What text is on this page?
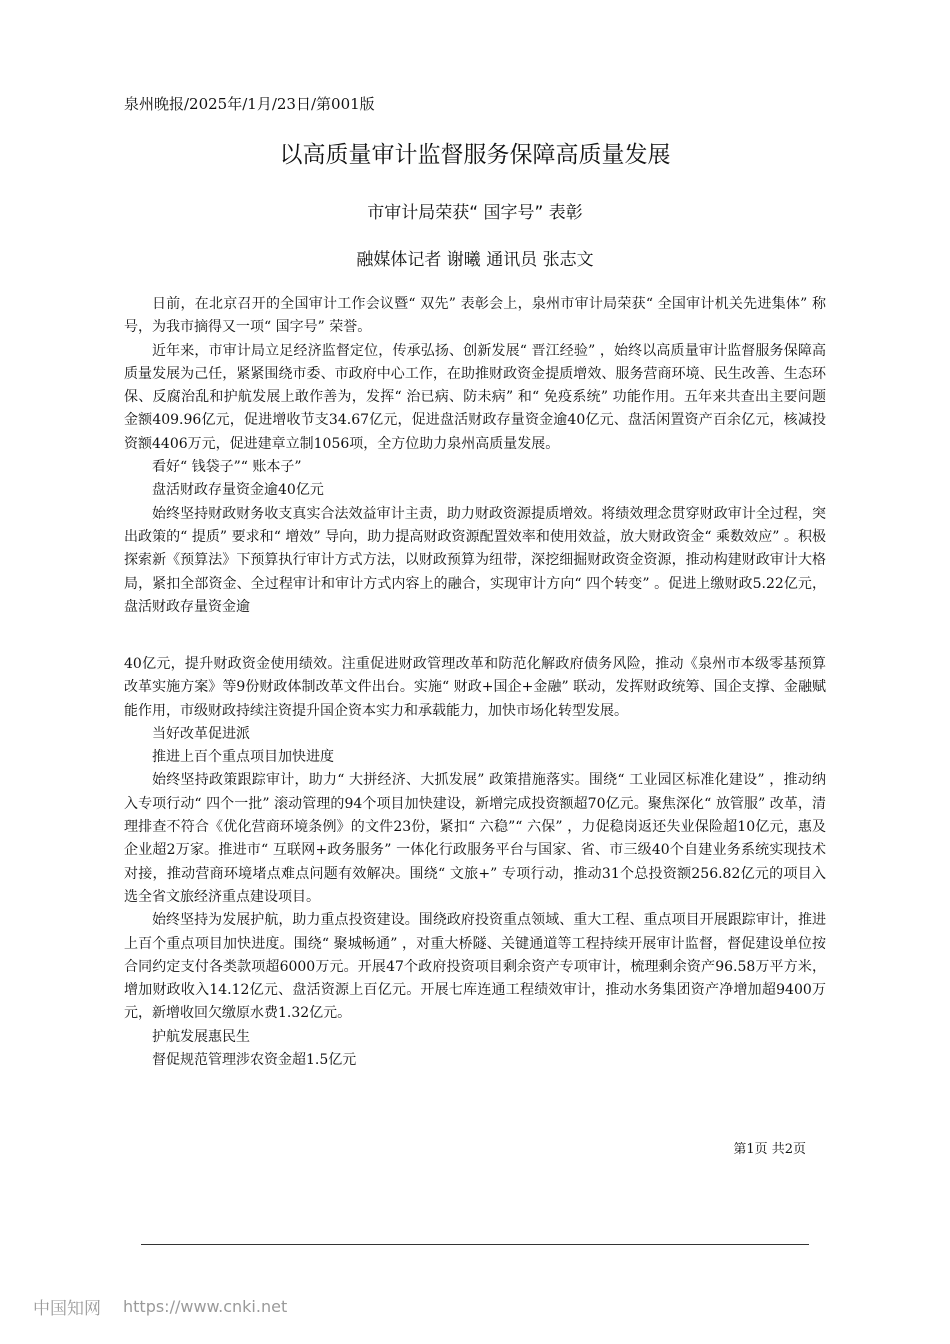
泉州晚报/2025年/1月/23日/第001版
以高质量审计监督服务保障高质量发展
市审计局荣获“ 国字号” 表彰
融媒体记者 谢曦 通讯员 张志文

日前，在北京召开的全国审计工作会议暨“ 双先” 表彰会上，泉州市审计局荣获“ 全国审计机关先进集体” 称号，为我市摘得又一项“ 国字号” 荣誉。

近年来，市审计局立足经济监督定位，传承弘扬、创新发展“ 晋江经验” ，始终以高质量审计监督服务保障高质量发展为己任，紧紧围绕市委、市政府中心工作，在助推财政资金提质增效、服务营商环境、民生改善、生态环保、反腐治乱和护航发展上敢作善为，发挥“ 治已病、防未病” 和“ 免疫系统” 功能作用。五年来共查出主要问题金额409.96亿元，促进增收节支34.67亿元，促进盘活财政存量资金逾40亿元、盘活闲置资产百余亿元，核减投资额4406万元，促进建章立制1056项，全方位助力泉州高质量发展。

看好“ 钱袋子”“ 账本子”

盘活财政存量资金逾40亿元

始终坚持财政财务收支真实合法效益审计主责，助力财政资源提质增效。将绩效理念贯穿财政审计全过程，突出政策的“ 提质” 要求和“ 增效” 导向，助力提高财政资源配置效率和使用效益，放大财政资金“ 乘数效应” 。积极探索新《预算法》下预算执行审计方式方法，以财政预算为纽带，深挖细掘财政资金资源，推动构建财政审计大格局，紧扣全部资金、全过程审计和审计方式内容上的融合，实现审计方向“ 四个转变” 。促进上缴财政5.22亿元，盘活财政存量资金逾

40亿元，提升财政资金使用绩效。注重促进财政管理改革和防范化解政府债务风险，推动《泉州市本级零基预算改革实施方案》等9份财政体制改革文件出台。实施“ 财政+国企+金融” 联动，发挥财政统筹、国企支撑、金融赋能作用，市级财政持续注资提升国企资本实力和承载能力，加快市场化转型发展。

当好改革促进派

推进上百个重点项目加快进度

始终坚持政策跟踪审计，助力“ 大拼经济、大抓发展” 政策措施落实。围绕“ 工业园区标准化建设” ，推动纳入专项行动“ 四个一批” 滚动管理的94个项目加快建设，新增完成投资额超70亿元。聚焦深化“ 放管服” 改革，清理排查不符合《优化营商环境条例》的文件23份，紧扣“ 六稳”“ 六保” ，力促稳岗返还失业保险超10亿元，惠及企业超2万家。推进市“ 互联网+政务服务” 一体化行政服务平台与国家、省、市三级40个自建业务系统实现技术对接，推动营商环境堵点难点问题有效解决。围绕“ 文旅+” 专项行动，推动31个总投资额256.82亿元的项目入选全省文旅经济重点建设项目。

始终坚持为发展护航，助力重点投资建设。围绕政府投资重点领域、重大工程、重点项目开展跟踪审计，推进上百个重点项目加快进度。围绕“ 聚城畅通” ，对重大桥隧、关键通道等工程持续开展审计监督，督促建设单位按合同约定支付各类款项超6000万元。开展47个政府投资项目剩余资产专项审计，梳理剩余资产96.58万平方米，增加财政收入14.12亿元、盘活资源上百亿元。开展七库连通工程绩效审计，推动水务集团资产净增加超9400万元，新增收回欠缴原水费1.32亿元。

护航发展惠民生

督促规范管理涉农资金超1.5亿元

第1页 共2页
中国知网 https://www.cnki.net
